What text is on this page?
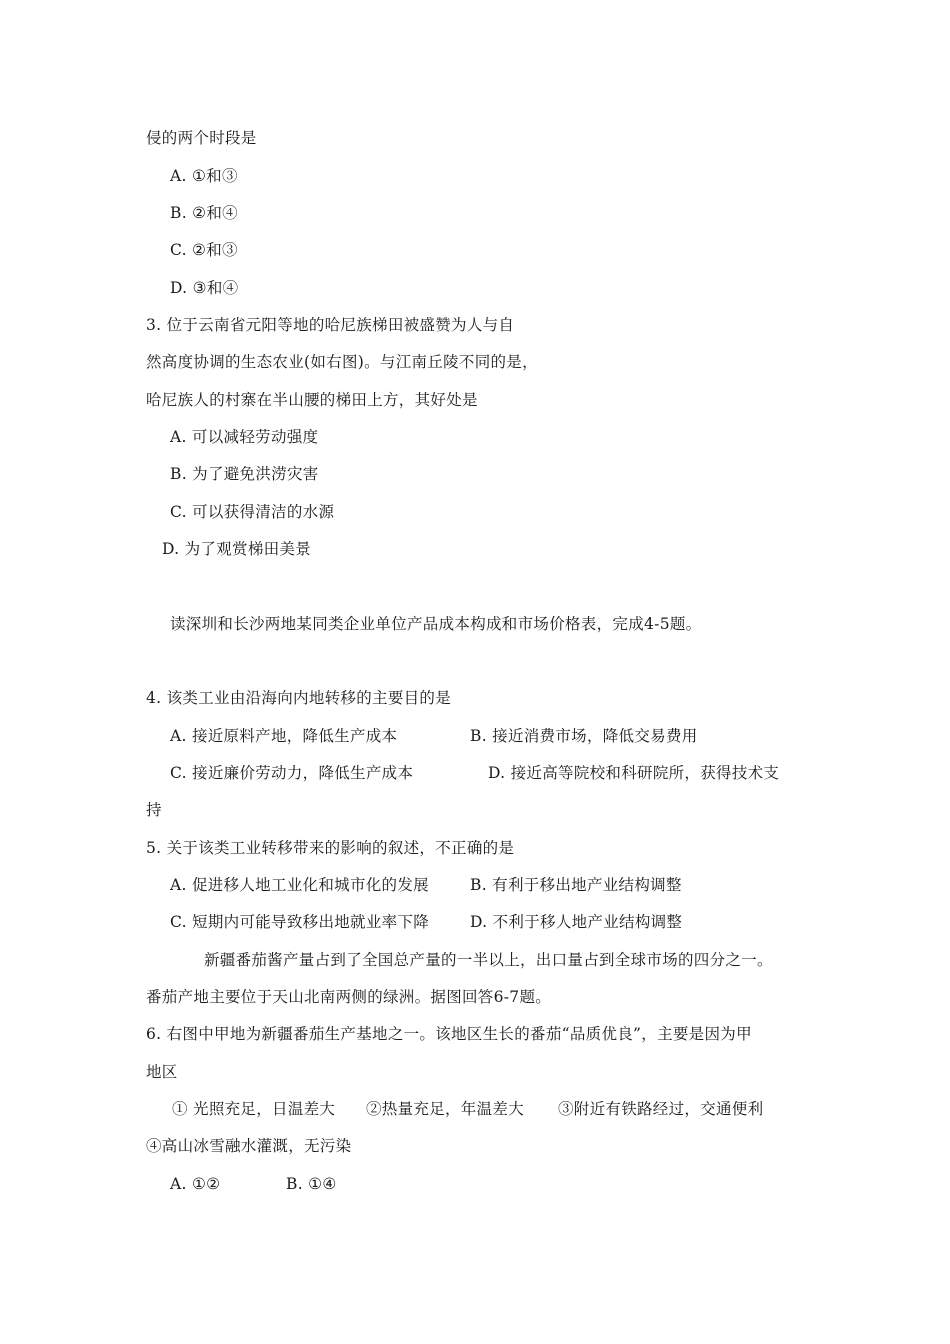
侵的两个时段是
A. ①和③
B. ②和④
C. ②和③
D. ③和④
3. 位于云南省元阳等地的哈尼族梯田被盛赞为人与自
然高度协调的生态农业(如右图)。与江南丘陵不同的是，
哈尼族人的村寨在半山腰的梯田上方，其好处是
A. 可以减轻劳动强度
B. 为了避免洪涝灾害
C. 可以获得清洁的水源
D. 为了观赏梯田美景
读深圳和长沙两地某同类企业单位产品成本构成和市场价格表，完成4-5题。
4. 该类工业由沿海向内地转移的主要目的是
A. 接近原料产地，降低生产成本	B. 接近消费市场，降低交易费用
C. 接近廉价劳动力，降低生产成本	D. 接近高等院校和科研院所，获得技术支
持
5. 关于该类工业转移带来的影响的叙述，不正确的是
A. 促进移人地工业化和城市化的发展	B. 有利于移出地产业结构调整
C. 短期内可能导致移出地就业率下降	D. 不利于移人地产业结构调整
新疆番茄酱产量占到了全国总产量的一半以上，出口量占到全球市场的四分之一。
番茄产地主要位于天山北南两侧的绿洲。据图回答6-7题。
6. 右图中甲地为新疆番茄生产基地之一。该地区生长的番茄“品质优良”，主要是因为甲
地区
① 光照充足，日温差大 ②热量充足，年温差大 ③附近有铁路经过，交通便利
④高山冰雪融水灌溉，无污染
A. ①②	B. ①④
